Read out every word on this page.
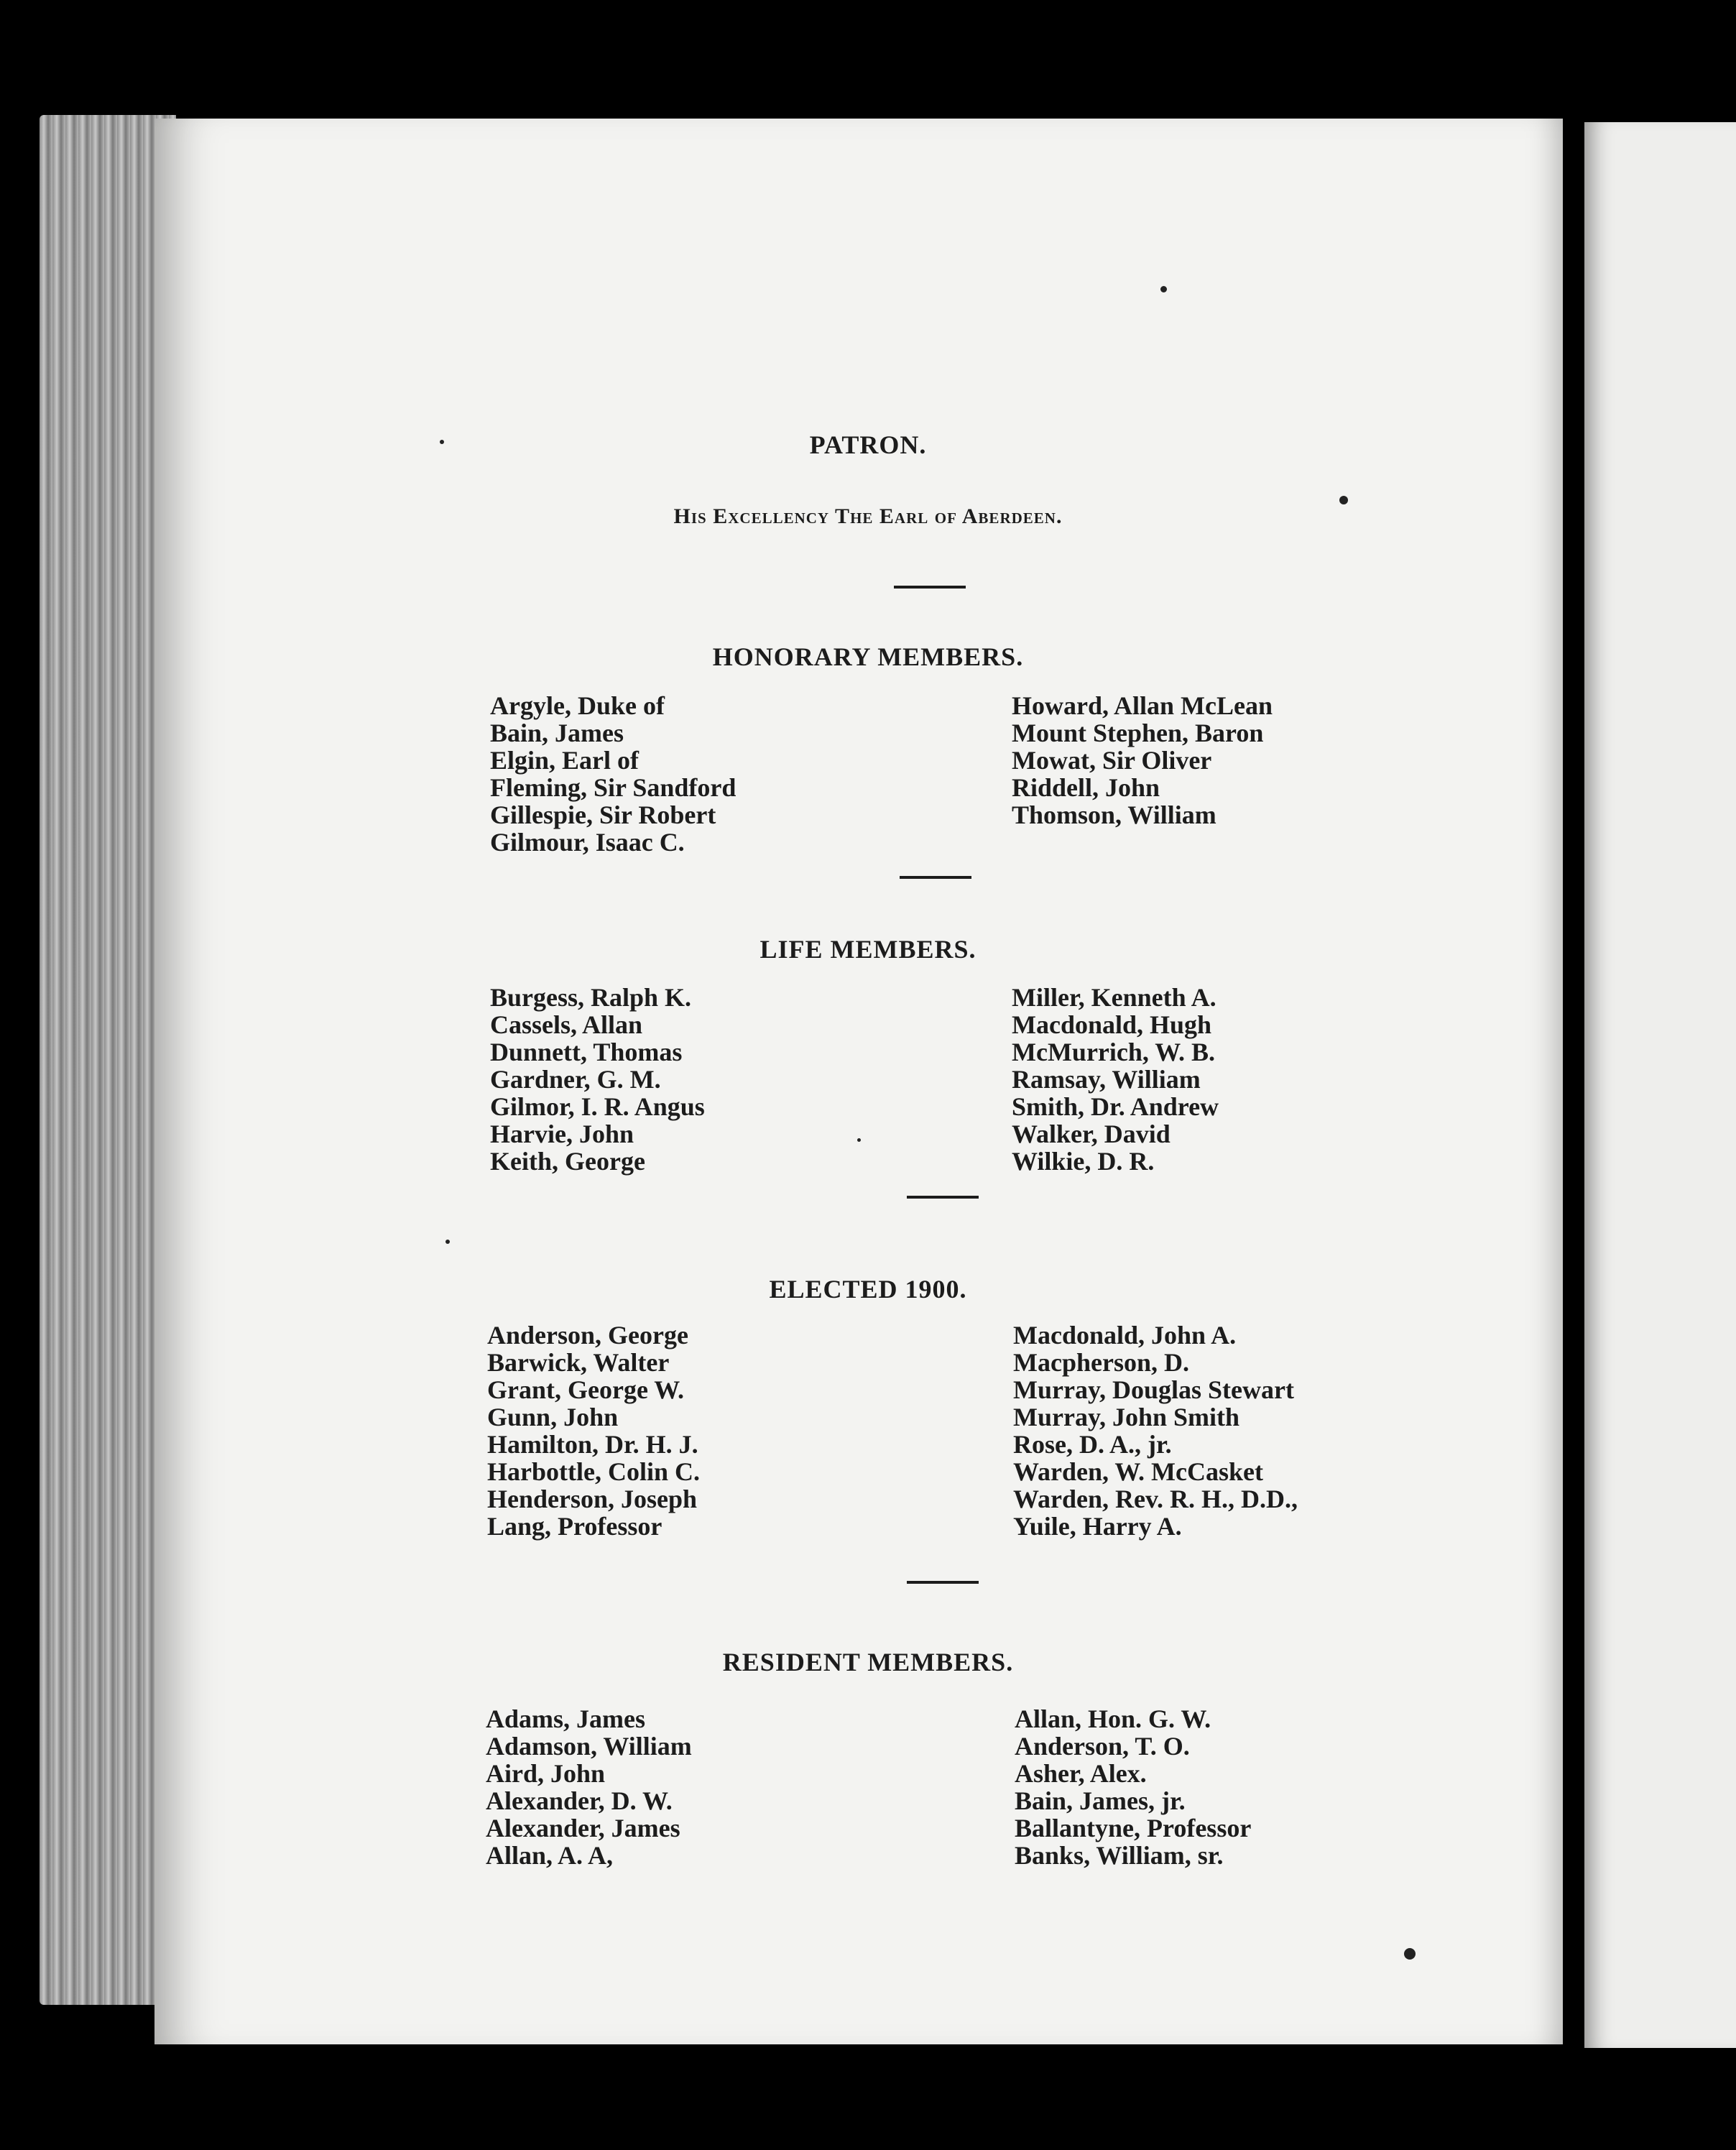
PATRON.
His Excellency The Earl of Aberdeen.
HONORARY MEMBERS.
Argyle, Duke of
Bain, James
Elgin, Earl of
Fleming, Sir Sandford
Gillespie, Sir Robert
Gilmour, Isaac C.
Howard, Allan McLean
Mount Stephen, Baron
Mowat, Sir Oliver
Riddell, John
Thomson, William
LIFE MEMBERS.
Burgess, Ralph K.
Cassels, Allan
Dunnett, Thomas
Gardner, G. M.
Gilmor, I. R. Angus
Harvie, John
Keith, George
Miller, Kenneth A.
Macdonald, Hugh
McMurrich, W. B.
Ramsay, William
Smith, Dr. Andrew
Walker, David
Wilkie, D. R.
ELECTED 1900.
Anderson, George
Barwick, Walter
Grant, George W.
Gunn, John
Hamilton, Dr. H. J.
Harbottle, Colin C.
Henderson, Joseph
Lang, Professor
Macdonald, John A.
Macpherson, D.
Murray, Douglas Stewart
Murray, John Smith
Rose, D. A., jr.
Warden, W. McCasket
Warden, Rev. R. H., D.D.,
Yuile, Harry A.
RESIDENT MEMBERS.
Adams, James
Adamson, William
Aird, John
Alexander, D. W.
Alexander, James
Allan, A. A,
Allan, Hon. G. W.
Anderson, T. O.
Asher, Alex.
Bain, James, jr.
Ballantyne, Professor
Banks, William, sr.
